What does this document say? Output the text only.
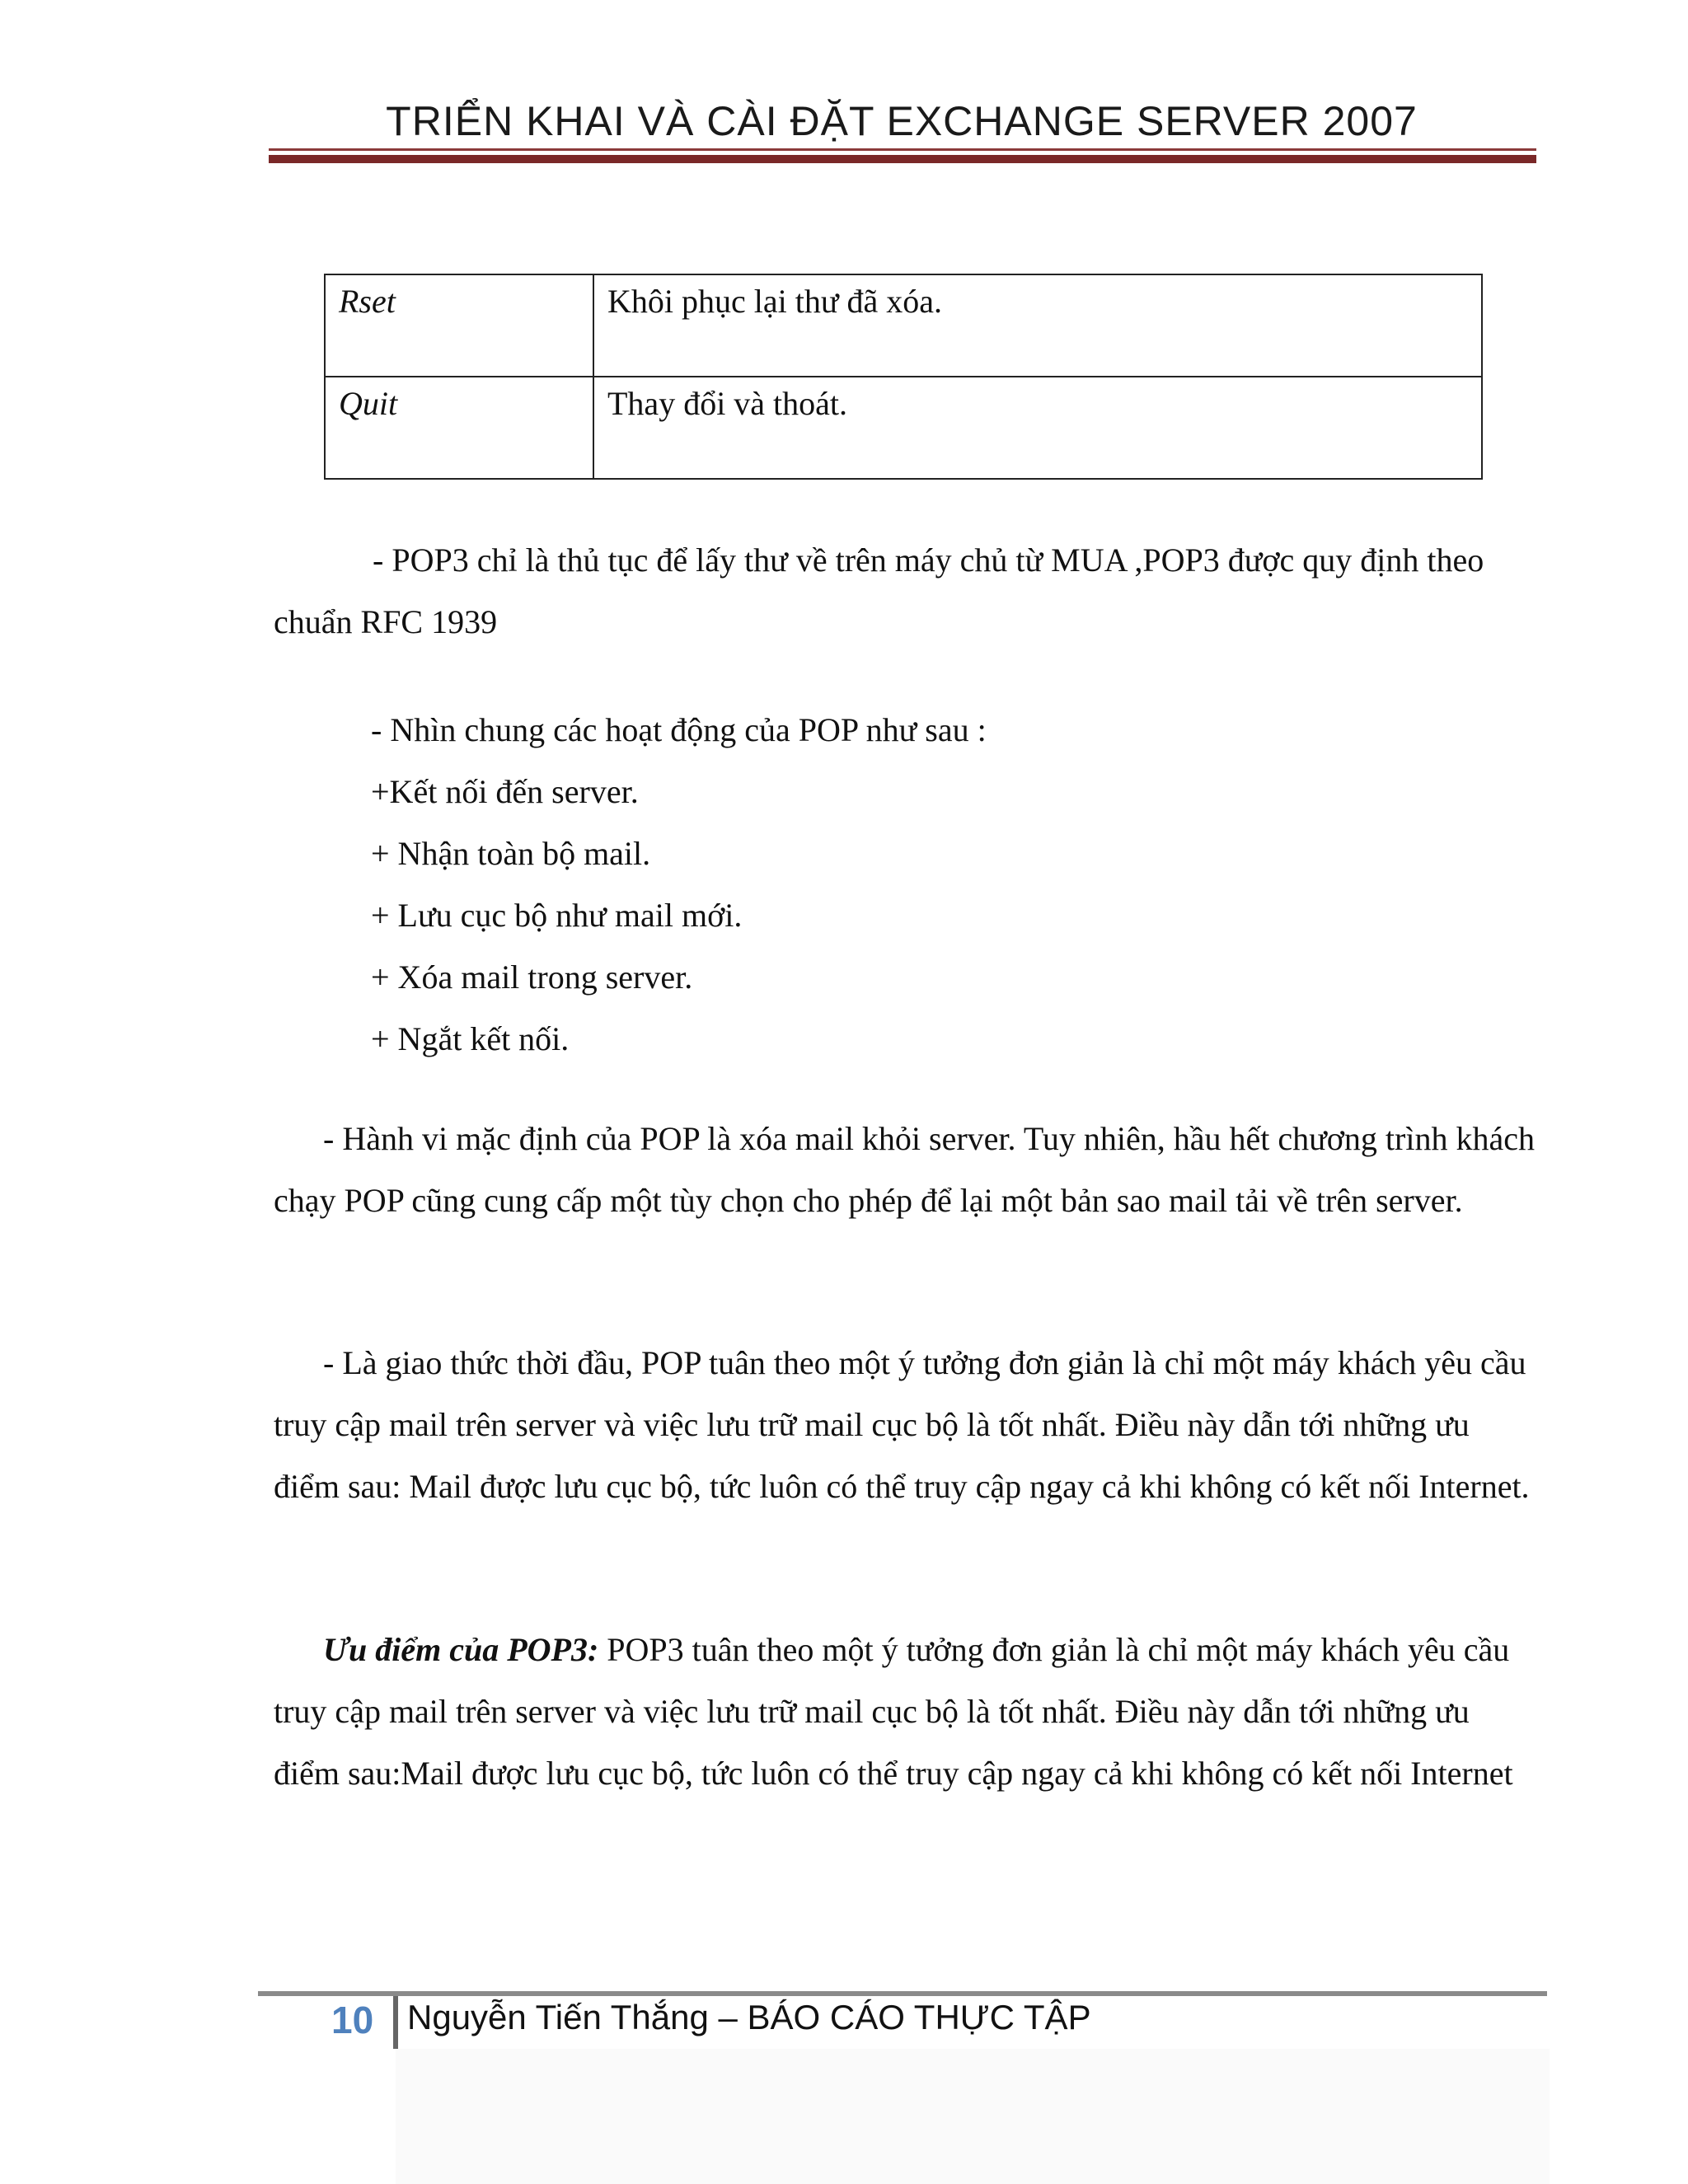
TRIỂN KHAI VÀ CÀI ĐẶT EXCHANGE SERVER 2007
Rset	Khôi phục lại thư đã xóa.
Quit	Thay đổi và thoát.

- POP3 chỉ là thủ tục để lấy thư về trên máy chủ từ MUA ,POP3 được quy định theo chuẩn RFC 1939

- Nhìn chung các hoạt động của POP như sau :
+Kết nối đến server.
+ Nhận toàn bộ mail.
+ Lưu cục bộ như mail mới.
+ Xóa mail trong server.
+ Ngắt kết nối.

- Hành vi mặc định của POP là xóa mail khỏi server. Tuy nhiên, hầu hết chương trình khách chạy POP cũng cung cấp một tùy chọn cho phép để lại một bản sao mail tải về trên server.

- Là giao thức thời đầu, POP tuân theo một ý tưởng đơn giản là chỉ một máy khách yêu cầu truy cập mail trên server và việc lưu trữ mail cục bộ là tốt nhất. Điều này dẫn tới những ưu điểm sau: Mail được lưu cục bộ, tức luôn có thể truy cập ngay cả khi không có kết nối Internet.

Ưu điểm của POP3: POP3 tuân theo một ý tưởng đơn giản là chỉ một máy khách yêu cầu truy cập mail trên server và việc lưu trữ mail cục bộ là tốt nhất. Điều này dẫn tới những ưu điểm sau:Mail được lưu cục bộ, tức luôn có thể truy cập ngay cả khi không có kết nối Internet

10 Nguyễn Tiến Thắng – BÁO CÁO THỰC TẬP
